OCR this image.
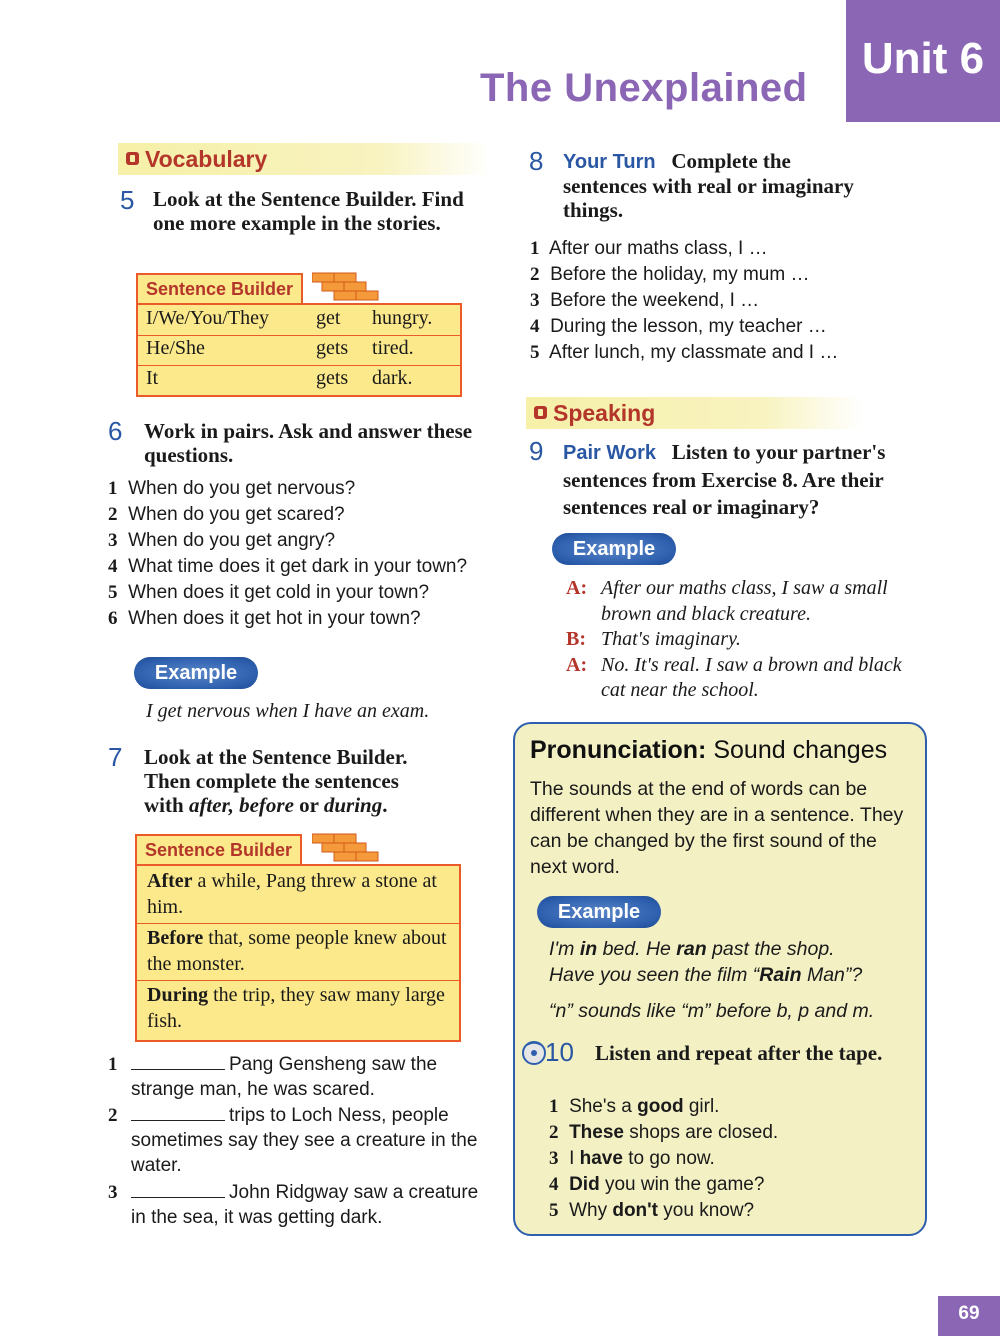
Unit 6
The Unexplained
Vocabulary
5 Look at the Sentence Builder. Find one more example in the stories.
Sentence Builder
I/We/You/They get hungry.
He/She	gets tired.
It	gets dark.
6 Work in pairs. Ask and answer these questions.
1 When do you get nervous?
2 When do you get scared?
3 When do you get angry?
4 What time does it get dark in your town?
5 When does it get cold in your town?
6 When does it get hot in your town?
Example
I get nervous when I have an exam.
7 Look at the Sentence Builder.
Then complete the sentences
with after, before or during.
Sentence Builder
After a while, Pang threw a stone at him.
Before that, some people knew about the monster.
During the trip, they saw many large fish.
1	Pang Gensheng saw the strange man, he was scared.
2	trips to Loch Ness, people sometimes say they see a creature in the water.
3	John Ridgway saw a creature in the sea, it was getting dark.
8 Your Turn Complete the sentences with real or imaginary things.
1 After our maths class, I …
2 Before the holiday, my mum …
3 Before the weekend, I …
4 During the lesson, my teacher …
5 After lunch, my classmate and I …
Speaking
9 Pair Work Listen to your partner's sentences from Exercise 8. Are their sentences real or imaginary?
Example
A: After our maths class, I saw a small brown and black creature.
B: That's imaginary.
A: No. It's real. I saw a brown and black cat near the school.
Pronunciation: Sound changes
The sounds at the end of words can be different when they are in a sentence. They can be changed by the first sound of the next word.
Example
I'm in bed. He ran past the shop.
Have you seen the film “Rain Man”?
“n” sounds like “m” before b, p and m.
10 Listen and repeat after the tape.
1 She's a good girl.
2 These shops are closed.
3 I have to go now.
4 Did you win the game?
5 Why don't you know?
69
